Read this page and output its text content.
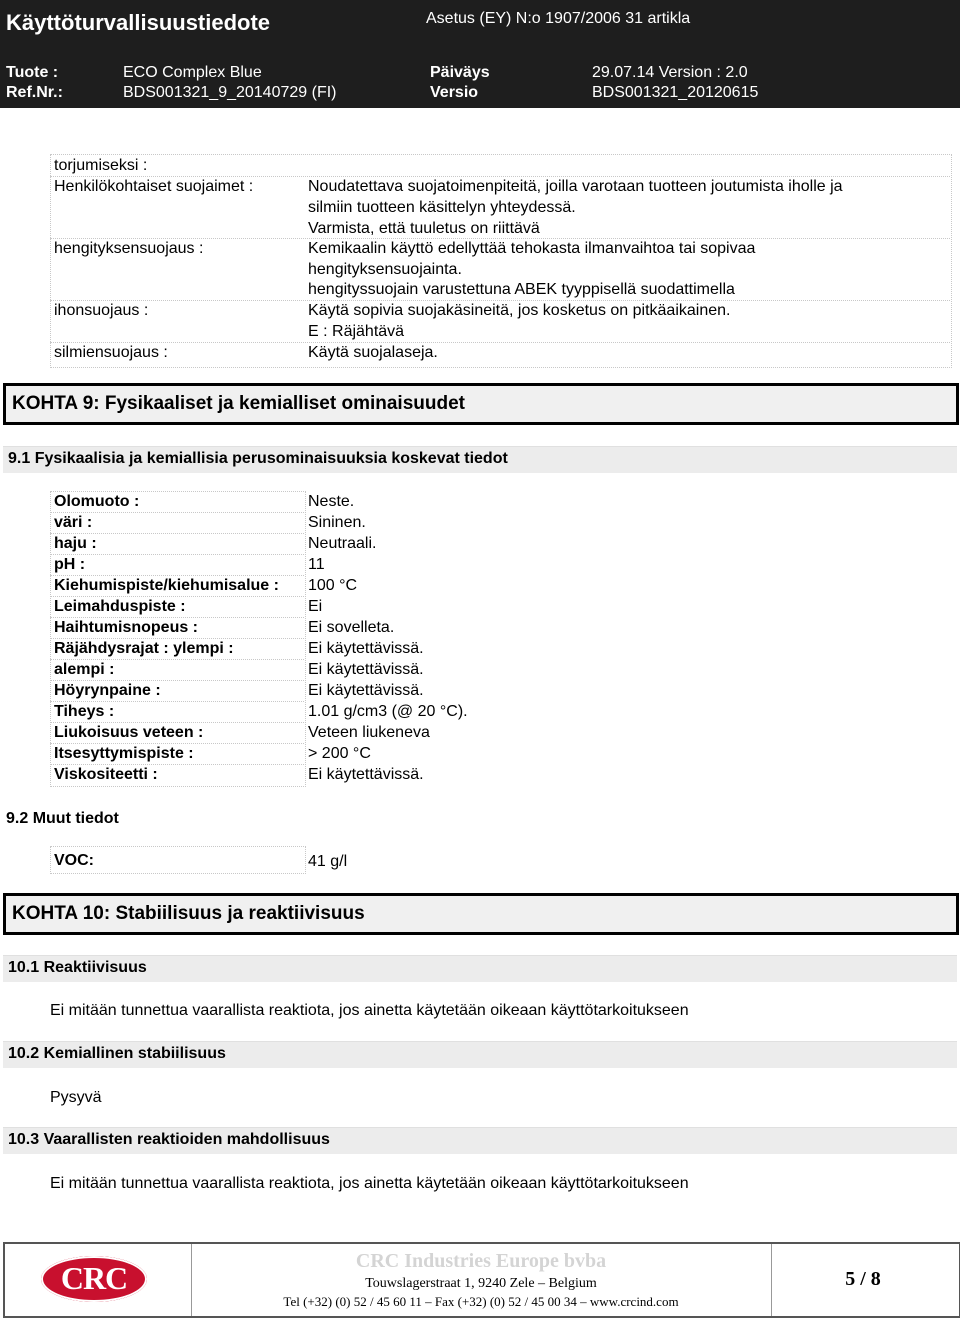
Käyttöturvallisuustiedote	Asetus (EY) N:o 1907/2006 31 artikla
Tuote :	ECO Complex Blue	Päiväys	29.07.14 Version : 2.0
Ref.Nr.:	BDS001321_9_20140729 (FI)	Versio	BDS001321_20120615
torjumiseksi :
Henkilökohtaiset suojaimet :	Noudatettava suojatoimenpiteitä, joilla varotaan tuotteen joutumista iholle ja
silmiin tuotteen käsittelyn yhteydessä.
Varmista, että tuuletus on riittävä
hengityksensuojaus :	Kemikaalin käyttö edellyttää tehokasta ilmanvaihtoa tai sopivaa
hengityksensuojainta.
hengityssuojain varustettuna ABEK tyyppisellä suodattimella
ihonsuojaus :	Käytä sopivia suojakäsineitä, jos kosketus on pitkäaikainen.
E : Räjähtävä
silmiensuojaus :	Käytä suojalaseja.
KOHTA 9: Fysikaaliset ja kemialliset ominaisuudet
9.1 Fysikaalisia ja kemiallisia perusominaisuuksia koskevat tiedot
Olomuoto :	Neste.
väri :	Sininen.
haju :	Neutraali.
pH :	11
Kiehumispiste/kiehumisalue : 100 °C
Leimahduspiste :	Ei
Haihtumisnopeus :	Ei sovelleta.
Räjähdysrajat : ylempi :	Ei käytettävissä.
alempi :	Ei käytettävissä.
Höyrynpaine :	Ei käytettävissä.
Tiheys :	1.01 g/cm3 (@ 20 °C).
Liukoisuus veteen :	Veteen liukeneva
Itsesyttymispiste :	> 200 °C
Viskositeetti :	Ei käytettävissä.
9.2 Muut tiedot
VOC:	41 g/l
KOHTA 10: Stabiilisuus ja reaktiivisuus
10.1 Reaktiivisuus
Ei mitään tunnettua vaarallista reaktiota, jos ainetta käytetään oikeaan käyttötarkoitukseen
10.2 Kemiallinen stabiilisuus
Pysyvä
10.3 Vaarallisten reaktioiden mahdollisuus
Ei mitään tunnettua vaarallista reaktiota, jos ainetta käytetään oikeaan käyttötarkoitukseen
CRC	CRC Industries Europe bvba
Touwslagerstraat 1, 9240 Zele – Belgium
Tel (+32) (0) 52 / 45 60 11 – Fax (+32) (0) 52 / 45 00 34 – www.crcind.com
5 / 8
